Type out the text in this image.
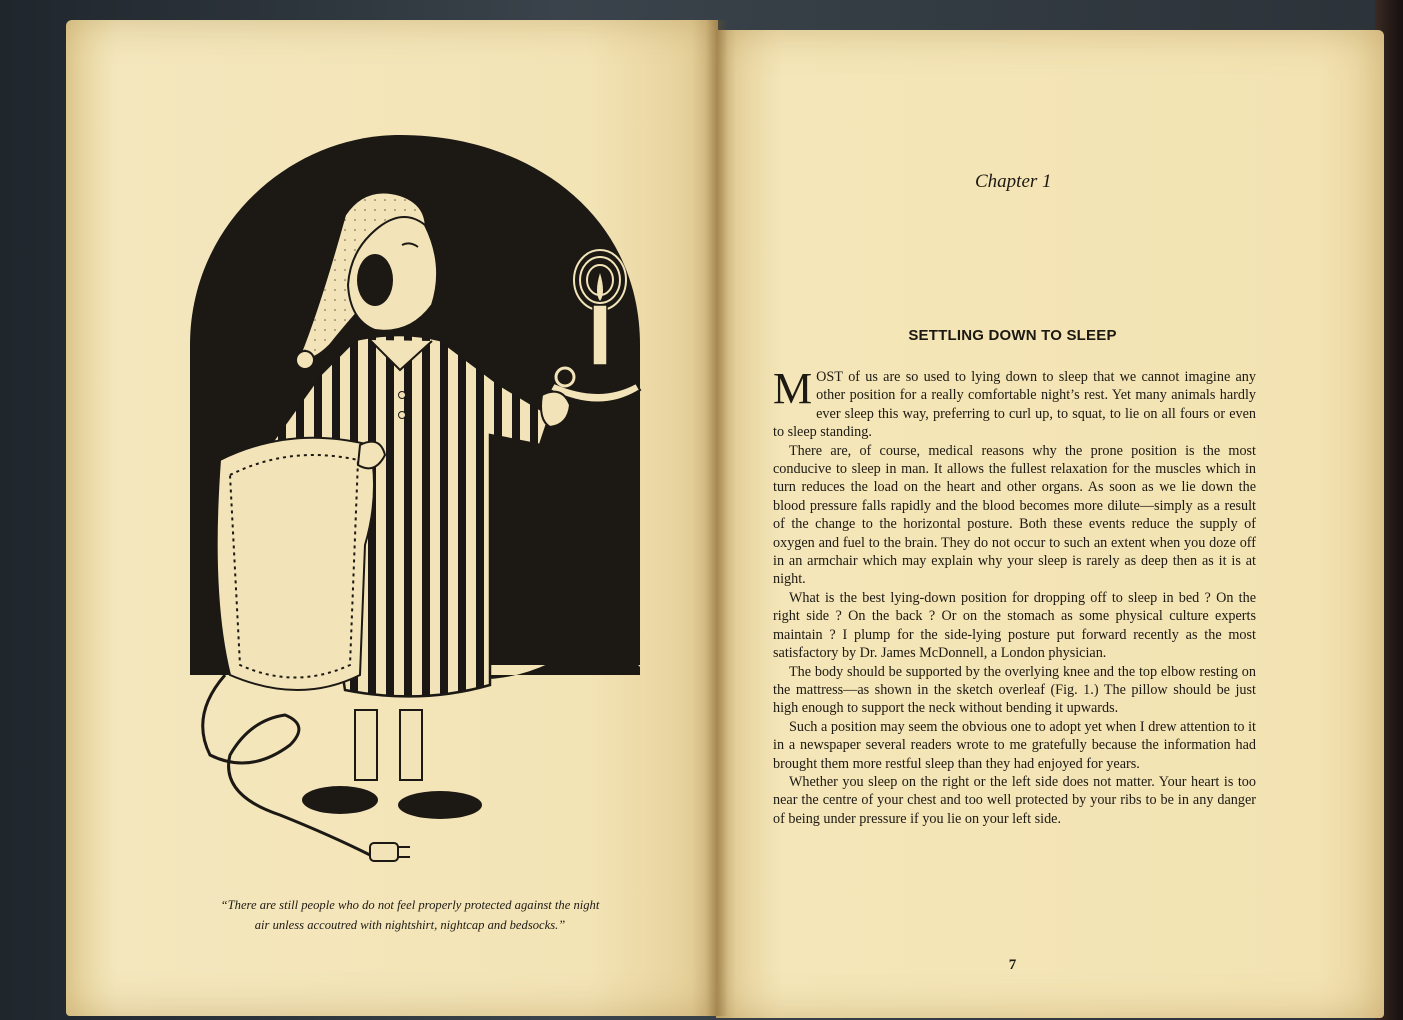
“There are still people who do not feel properly protected against the night
air unless accoutred with nightshirt, nightcap and bedsocks.”
Chapter 1
SETTLING DOWN TO SLEEP

MOST of us are so used to lying down to sleep that we cannot imagine any other position for a really comfortable night’s rest. Yet many animals hardly ever sleep this way, preferring to curl up, to squat, to lie on all fours or even to sleep standing.

There are, of course, medical reasons why the prone position is the most conducive to sleep in man. It allows the fullest relaxation for the muscles which in turn reduces the load on the heart and other organs. As soon as we lie down the blood pressure falls rapidly and the blood becomes more dilute—simply as a result of the change to the horizontal posture. Both these events reduce the supply of oxygen and fuel to the brain. They do not occur to such an extent when you doze off in an armchair which may explain why your sleep is rarely as deep then as it is at night.

What is the best lying-down position for dropping off to sleep in bed ? On the right side ? On the back ? Or on the stomach as some physical culture experts maintain ? I plump for the side-lying posture put forward recently as the most satisfactory by Dr. James McDonnell, a London physician.

The body should be supported by the overlying knee and the top elbow resting on the mattress—as shown in the sketch overleaf (Fig. 1.) The pillow should be just high enough to support the neck without bending it upwards.

Such a position may seem the obvious one to adopt yet when I drew attention to it in a newspaper several readers wrote to me gratefully because the information had brought them more restful sleep than they had enjoyed for years.

Whether you sleep on the right or the left side does not matter. Your heart is too near the centre of your chest and too well protected by your ribs to be in any danger of being under pressure if you lie on your left side.

7
